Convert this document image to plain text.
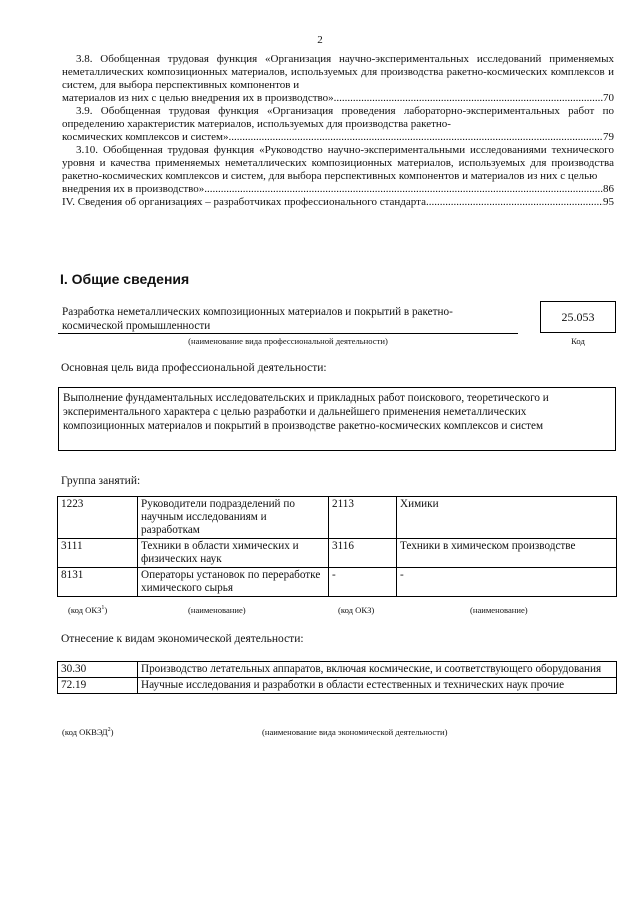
2
3.8. Обобщенная трудовая функция «Организация научно-экспериментальных исследований применяемых неметаллических композиционных материалов, используемых для производства ракетно-космических комплексов и систем, для выбора перспективных компонентов и
материалов из них с целью внедрения их в производство» .....	70
3.9. Обобщенная трудовая функция «Организация проведения лабораторно-экспериментальных работ по определению характеристик материалов, используемых для производства ракетно-
космических комплексов и систем» .....	79
3.10. Обобщенная трудовая функция «Руководство научно-экспериментальными исследованиями технического уровня и качества применяемых неметаллических композиционных материалов, используемых для производства ракетно-космических комплексов и систем, для выбора перспективных компонентов и материалов из них с целью
внедрения их в производство» .....	86
IV. Сведения об организациях – разработчиках профессионального стандарта .....	95
I. Общие сведения
Разработка неметаллических композиционных материалов и покрытий в ракетно-космической промышленности
(наименование вида профессиональной деятельности)
25.053
Код
Основная цель вида профессиональной деятельности:
Выполнение фундаментальных исследовательских и прикладных работ поискового, теоретического и экспериментального характера с целью разработки и дальнейшего применения неметаллических композиционных материалов и покрытий в производстве ракетно-космических комплексов и систем
Группа занятий:
1223	Руководители подразделений по научным исследованиям и разработкам	2113	Химики
3111	Техники в области химических и физических наук	3116	Техники в химическом производстве
8131	Операторы установок по переработке химического сырья	-	-
(код ОКЗ$^1$)	(наименование)	(код ОКЗ)	(наименование)
Отнесение к видам экономической деятельности:
30.30	Производство летательных аппаратов, включая космические, и соответствующего оборудования
72.19	Научные исследования и разработки в области естественных и технических наук прочие
(код ОКВЭД$^2$)	(наименование вида экономической деятельности)
